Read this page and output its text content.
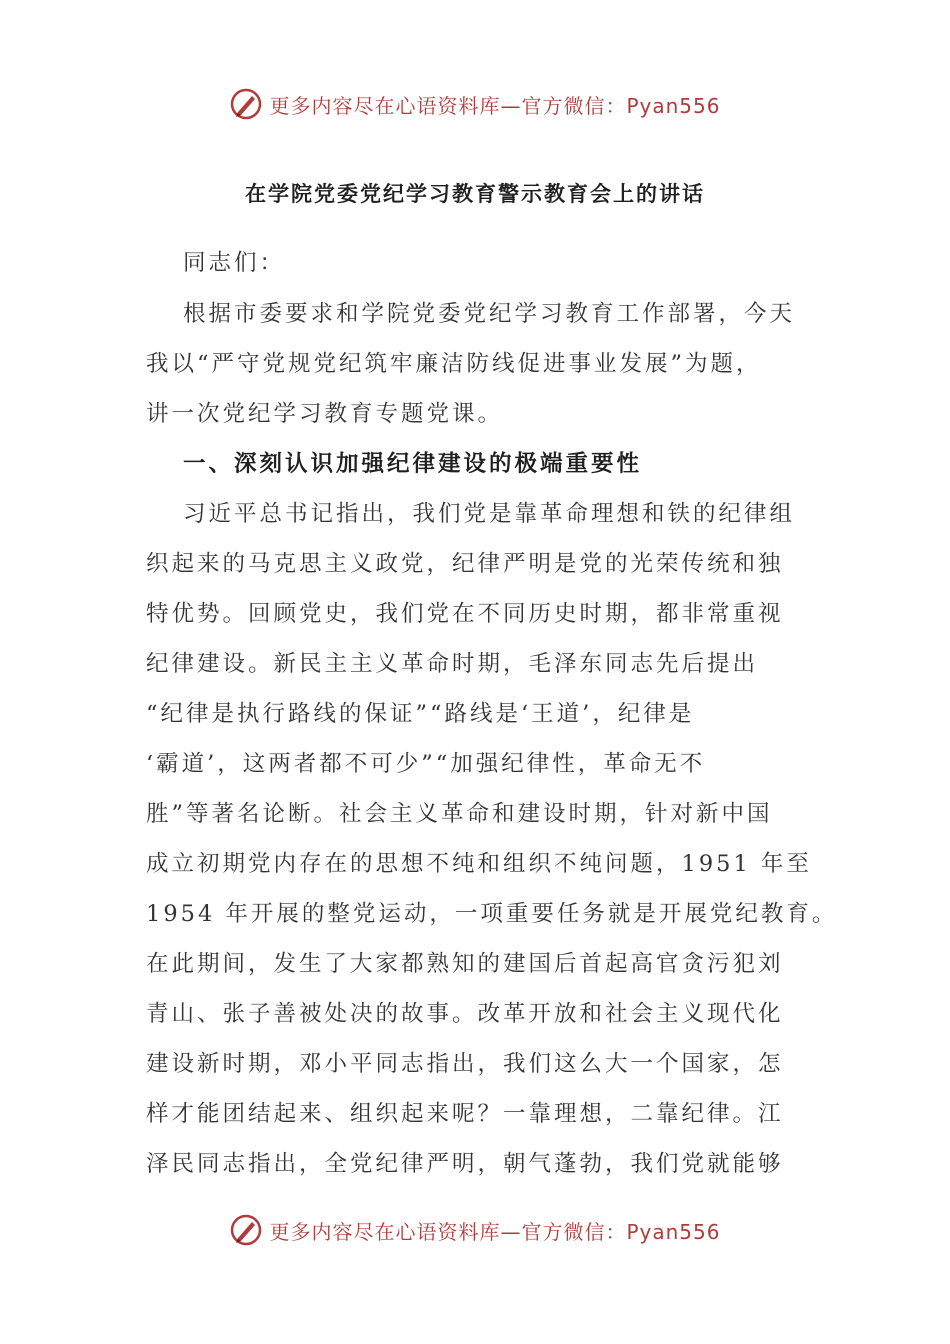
更多内容尽在心语资料库—官方微信：Pyan556
在学院党委党纪学习教育警示教育会上的讲话
同志们：
根据市委要求和学院党委党纪学习教育工作部署，今天
我以“严守党规党纪筑牢廉洁防线促进事业发展”为题，
讲一次党纪学习教育专题党课。
一、深刻认识加强纪律建设的极端重要性
习近平总书记指出，我们党是靠革命理想和铁的纪律组
织起来的马克思主义政党，纪律严明是党的光荣传统和独
特优势。回顾党史，我们党在不同历史时期，都非常重视
纪律建设。新民主主义革命时期，毛泽东同志先后提出
“纪律是执行路线的保证”“路线是‘王道’，纪律是
‘霸道’，这两者都不可少”“加强纪律性，革命无不
胜”等著名论断。社会主义革命和建设时期，针对新中国
成立初期党内存在的思想不纯和组织不纯问题，1951 年至
1954 年开展的整党运动，一项重要任务就是开展党纪教育。
在此期间，发生了大家都熟知的建国后首起高官贪污犯刘
青山、张子善被处决的故事。改革开放和社会主义现代化
建设新时期，邓小平同志指出，我们这么大一个国家，怎
样才能团结起来、组织起来呢？一靠理想，二靠纪律。江
泽民同志指出，全党纪律严明，朝气蓬勃，我们党就能够
更多内容尽在心语资料库—官方微信：Pyan556
